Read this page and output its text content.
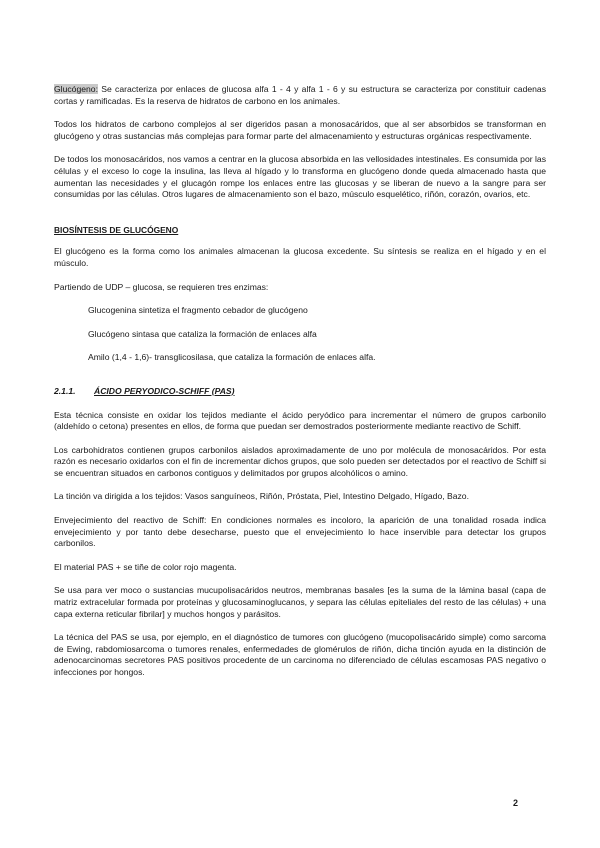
Glucógeno: Se caracteriza por enlaces de glucosa alfa 1 - 4 y alfa 1 - 6 y su estructura se caracteriza por constituir cadenas cortas y ramificadas. Es la reserva de hidratos de carbono en los animales.

Todos los hidratos de carbono complejos al ser digeridos pasan a monosacáridos, que al ser absorbidos se transforman en glucógeno y otras sustancias más complejas para formar parte del almacenamiento y estructuras orgánicas respectivamente.

De todos los monosacáridos, nos vamos a centrar en la glucosa absorbida en las vellosidades intestinales. Es consumida por las células y el exceso lo coge la insulina, las lleva al hígado y lo transforma en glucógeno donde queda almacenado hasta que aumentan las necesidades y el glucagón rompe los enlaces entre las glucosas y se liberan de nuevo a la sangre para ser consumidas por las células. Otros lugares de almacenamiento son el bazo, músculo esquelético, riñón, corazón, ovarios, etc.

BIOSÍNTESIS DE GLUCÓGENO

El glucógeno es la forma como los animales almacenan la glucosa excedente. Su síntesis se realiza en el hígado y en el músculo.

Partiendo de UDP – glucosa, se requieren tres enzimas:

Glucogenina sintetiza el fragmento cebador de glucógeno

Glucógeno sintasa que cataliza la formación de enlaces alfa

Amilo (1,4 - 1,6)- transglicosilasa, que cataliza la formación de enlaces alfa.

2.1.1. ÁCIDO PERYODICO-SCHIFF (PAS)

Esta técnica consiste en oxidar los tejidos mediante el ácido peryódico para incrementar el número de grupos carbonilo (aldehído o cetona) presentes en ellos, de forma que puedan ser demostrados posteriormente mediante reactivo de Schiff.

Los carbohidratos contienen grupos carbonilos aislados aproximadamente de uno por molécula de monosacáridos. Por esta razón es necesario oxidarlos con el fin de incrementar dichos grupos, que solo pueden ser detectados por el reactivo de Schiff si se encuentran situados en carbonos contiguos y delimitados por grupos alcohólicos o amino.

La tinción va dirigida a los tejidos: Vasos sanguíneos, Riñón, Próstata, Piel, Intestino Delgado, Hígado, Bazo.

Envejecimiento del reactivo de Schiff: En condiciones normales es incoloro, la aparición de una tonalidad rosada indica envejecimiento y por tanto debe desecharse, puesto que el envejecimiento lo hace inservible para detectar los grupos carbonilos.

El material PAS + se tiñe de color rojo magenta.

Se usa para ver moco o sustancias mucupolisacáridos neutros, membranas basales [es la suma de la lámina basal (capa de matriz extracelular formada por proteínas y glucosaminoglucanos, y separa las células epiteliales del resto de las células) + una capa externa reticular fibrilar] y muchos hongos y parásitos.

La técnica del PAS se usa, por ejemplo, en el diagnóstico de tumores con glucógeno (mucopolisacárido simple) como sarcoma de Ewing, rabdomiosarcoma o tumores renales, enfermedades de glomérulos de riñón, dicha tinción ayuda en la distinción de adenocarcinomas secretores PAS positivos procedente de un carcinoma no diferenciado de células escamosas PAS negativo o infecciones por hongos.

2
